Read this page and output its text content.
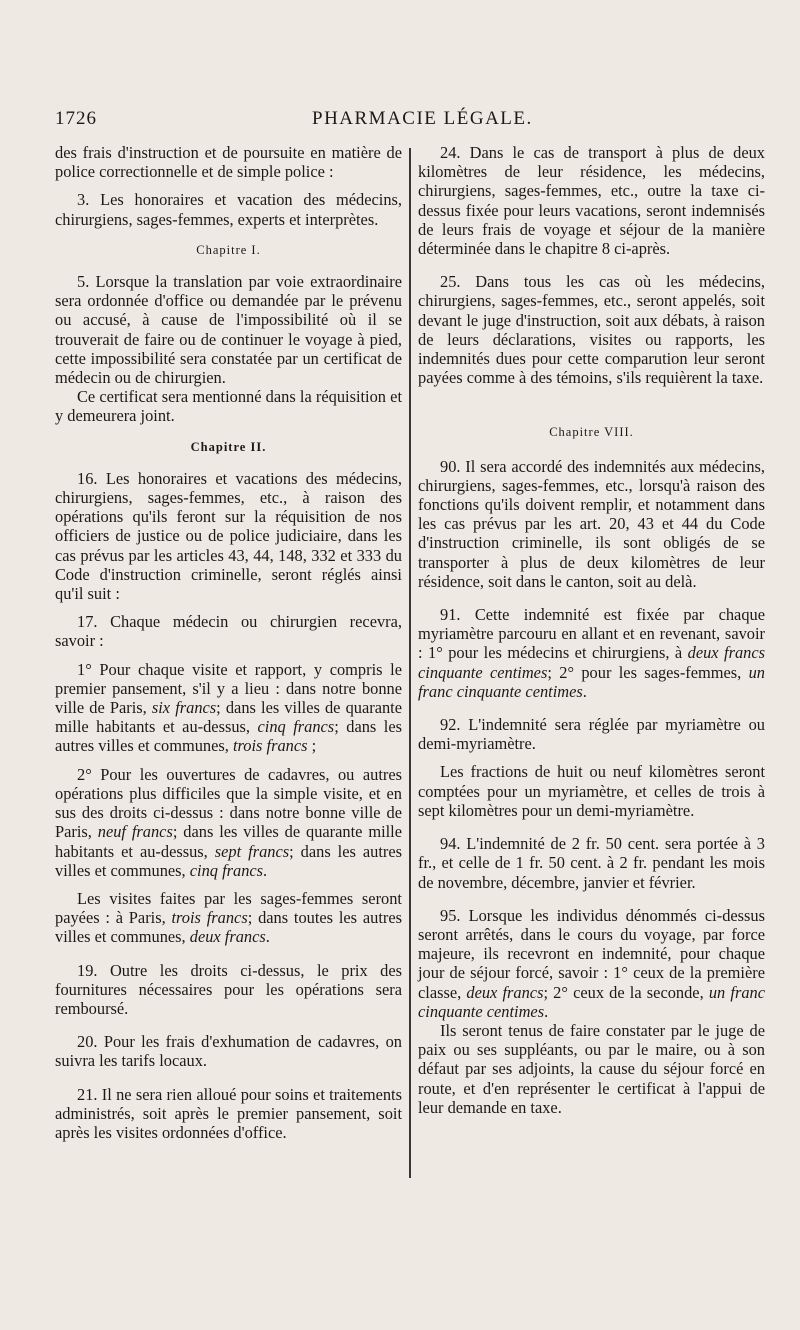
1726	PHARMACIE LÉGALE.

des frais d'instruction et de poursuite en matière de police correctionnelle et de simple police :

3. Les honoraires et vacation des médecins, chirurgiens, sages-femmes, experts et interprètes.

Chapitre I.

5. Lorsque la translation par voie extraordinaire sera ordonnée d'office ou demandée par le prévenu ou accusé, à cause de l'impossibilité où il se trouverait de faire ou de continuer le voyage à pied, cette impossibilité sera constatée par un certificat de médecin ou de chirurgien.

Ce certificat sera mentionné dans la réquisition et y demeurera joint.

Chapitre II.

16. Les honoraires et vacations des médecins, chirurgiens, sages-femmes, etc., à raison des opérations qu'ils feront sur la réquisition de nos officiers de justice ou de police judiciaire, dans les cas prévus par les articles 43, 44, 148, 332 et 333 du Code d'instruction criminelle, seront réglés ainsi qu'il suit :

17. Chaque médecin ou chirurgien recevra, savoir :

1° Pour chaque visite et rapport, y compris le premier pansement, s'il y a lieu : dans notre bonne ville de Paris, six francs; dans les villes de quarante mille habitants et au-dessus, cinq francs; dans les autres villes et communes, trois francs ;

2° Pour les ouvertures de cadavres, ou autres opérations plus difficiles que la simple visite, et en sus des droits ci-dessus : dans notre bonne ville de Paris, neuf francs; dans les villes de quarante mille habitants et au-dessus, sept francs; dans les autres villes et communes, cinq francs.

Les visites faites par les sages-femmes seront payées : à Paris, trois francs; dans toutes les autres villes et communes, deux francs.

19. Outre les droits ci-dessus, le prix des fournitures nécessaires pour les opérations sera remboursé.

20. Pour les frais d'exhumation de cadavres, on suivra les tarifs locaux.

21. Il ne sera rien alloué pour soins et traitements administrés, soit après le premier pansement, soit après les visites ordonnées d'office.

24. Dans le cas de transport à plus de deux kilomètres de leur résidence, les médecins, chirurgiens, sages-femmes, etc., outre la taxe ci-dessus fixée pour leurs vacations, seront indemnisés de leurs frais de voyage et séjour de la manière déterminée dans le chapitre 8 ci-après.

25. Dans tous les cas où les médecins, chirurgiens, sages-femmes, etc., seront appelés, soit devant le juge d'instruction, soit aux débats, à raison de leurs déclarations, visites ou rapports, les indemnités dues pour cette comparution leur seront payées comme à des témoins, s'ils requièrent la taxe.

Chapitre VIII.

90. Il sera accordé des indemnités aux médecins, chirurgiens, sages-femmes, etc., lorsqu'à raison des fonctions qu'ils doivent remplir, et notamment dans les cas prévus par les art. 20, 43 et 44 du Code d'instruction criminelle, ils sont obligés de se transporter à plus de deux kilomètres de leur résidence, soit dans le canton, soit au delà.

91. Cette indemnité est fixée par chaque myriamètre parcouru en allant et en revenant, savoir : 1° pour les médecins et chirurgiens, à deux francs cinquante centimes; 2° pour les sages-femmes, un franc cinquante centimes.

92. L'indemnité sera réglée par myriamètre ou demi-myriamètre.

Les fractions de huit ou neuf kilomètres seront comptées pour un myriamètre, et celles de trois à sept kilomètres pour un demi-myriamètre.

94. L'indemnité de 2 fr. 50 cent. sera portée à 3 fr., et celle de 1 fr. 50 cent. à 2 fr. pendant les mois de novembre, décembre, janvier et février.

95. Lorsque les individus dénommés ci-dessus seront arrêtés, dans le cours du voyage, par force majeure, ils recevront en indemnité, pour chaque jour de séjour forcé, savoir : 1° ceux de la première classe, deux francs; 2° ceux de la seconde, un franc cinquante centimes.

Ils seront tenus de faire constater par le juge de paix ou ses suppléants, ou par le maire, ou à son défaut par ses adjoints, la cause du séjour forcé en route, et d'en représenter le certificat à l'appui de leur demande en taxe.
